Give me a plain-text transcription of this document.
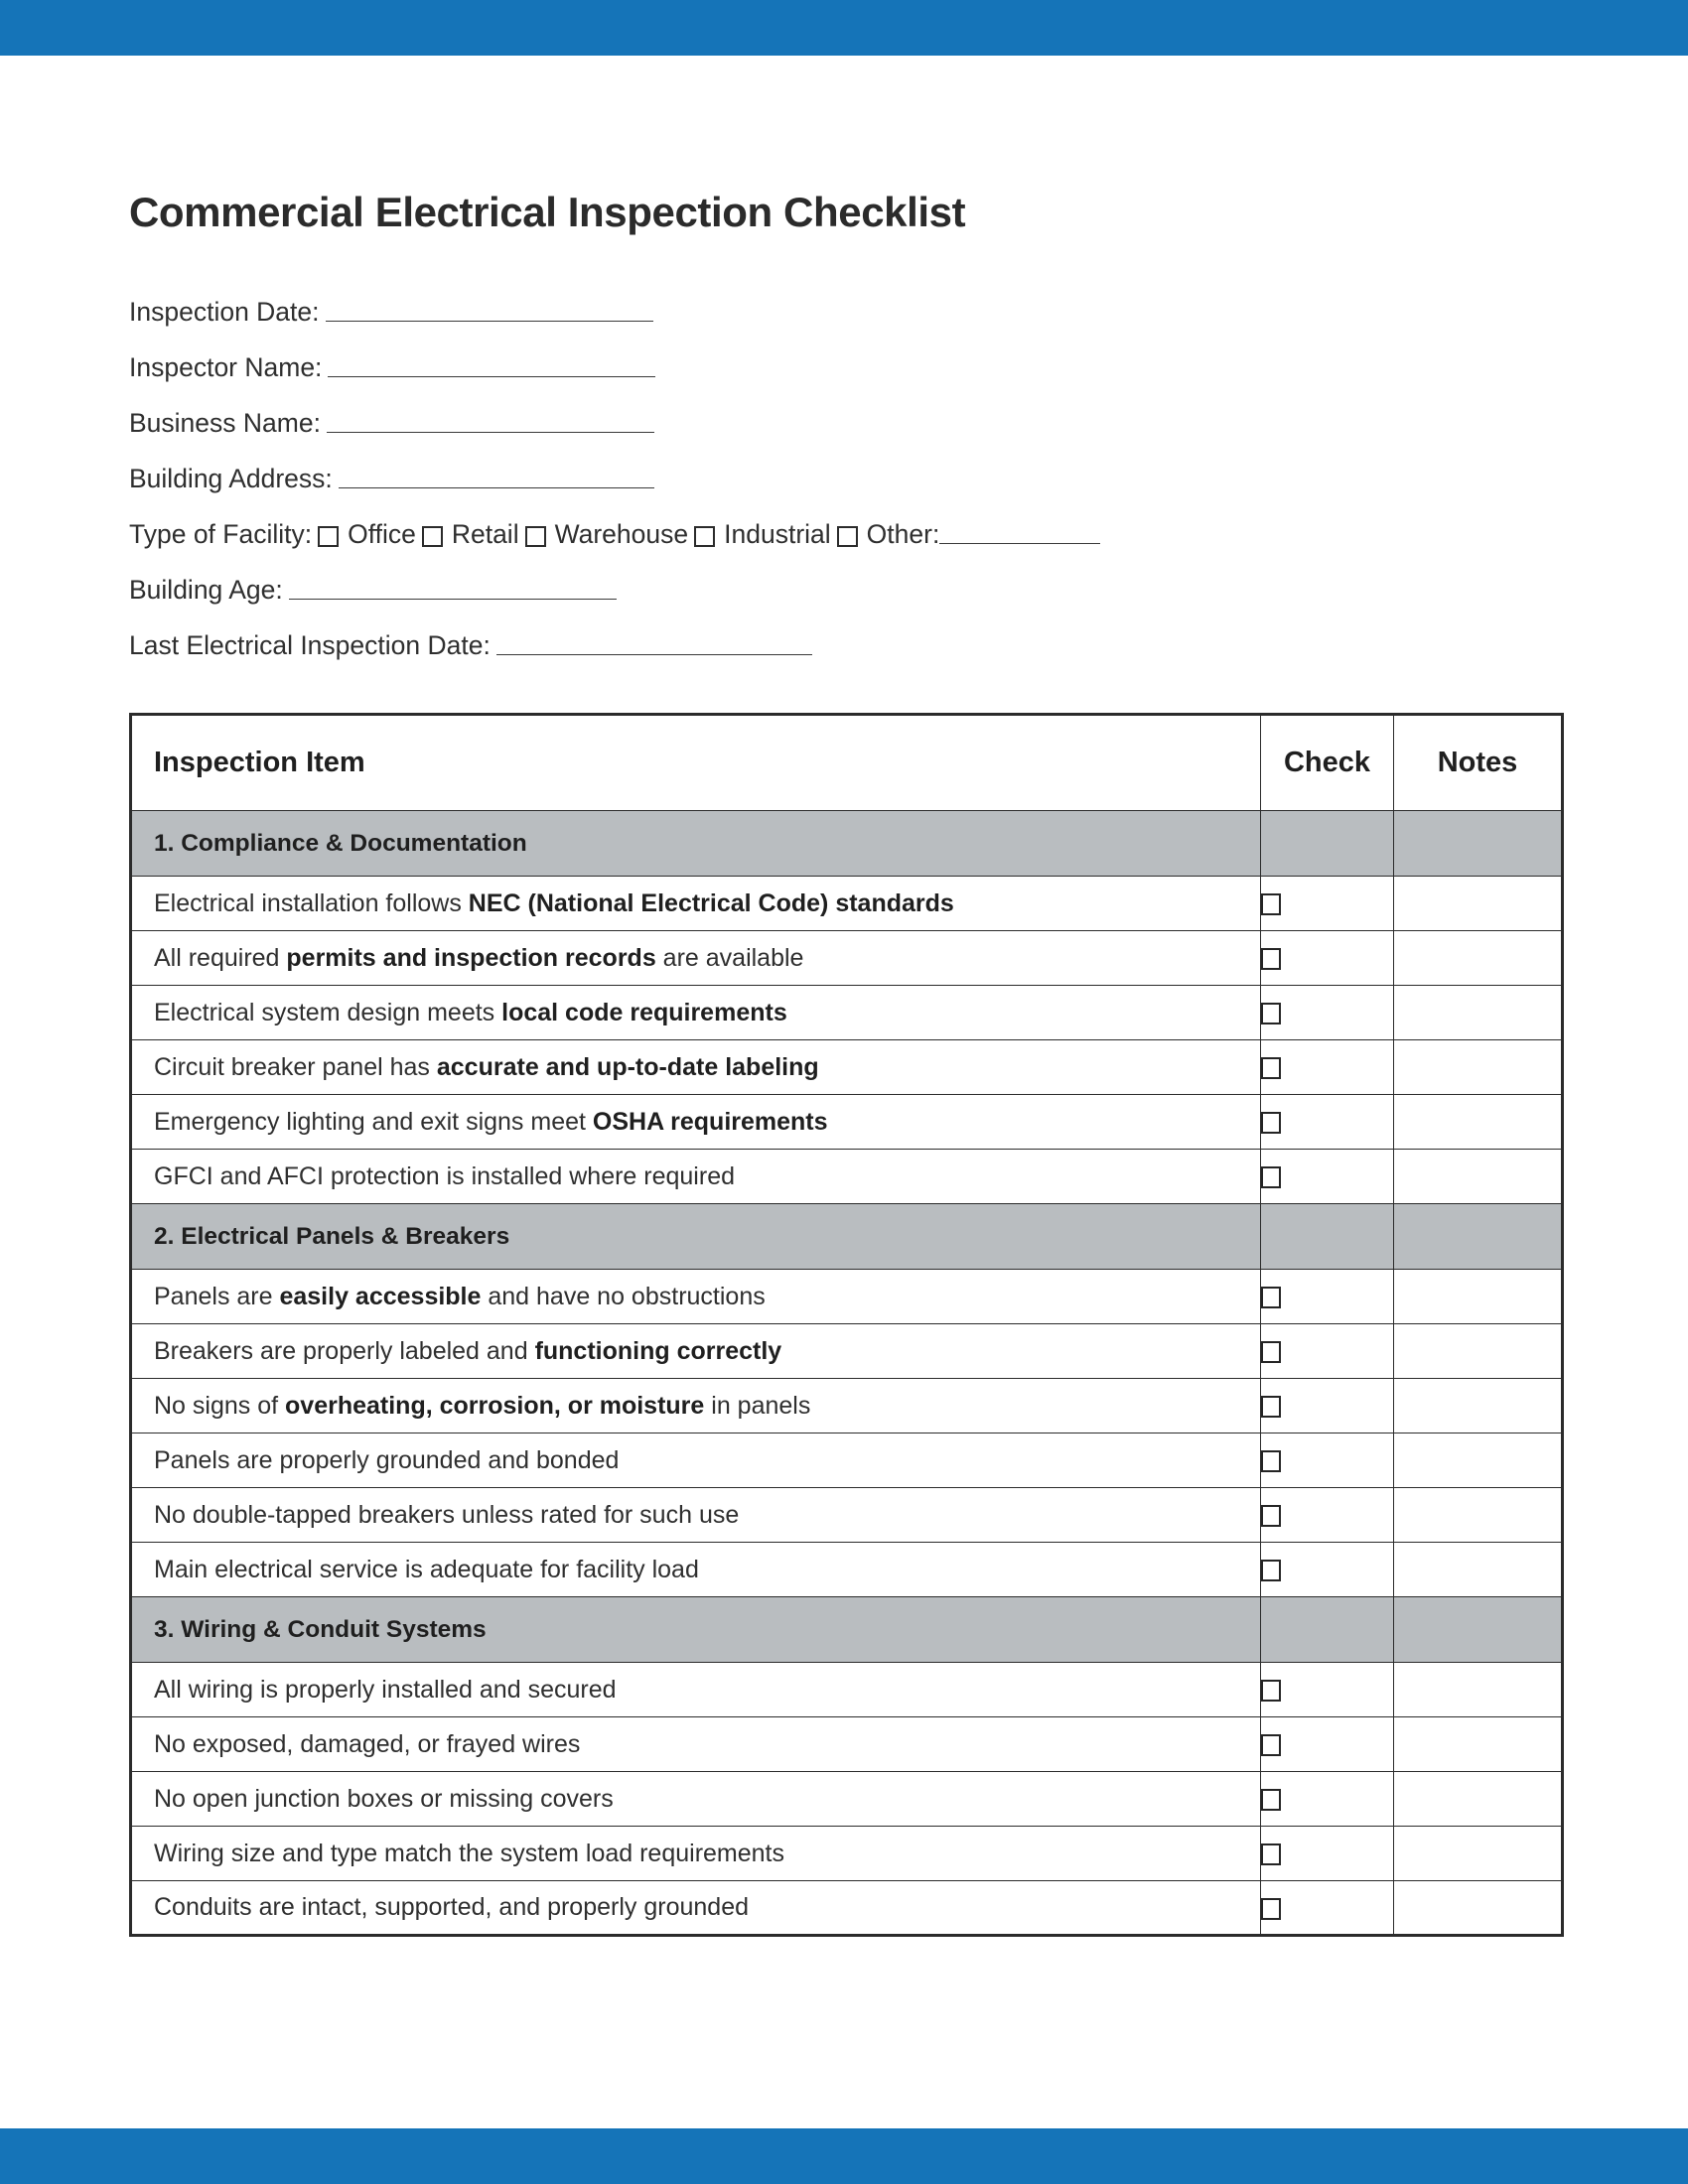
Commercial Electrical Inspection Checklist
Inspection Date:
Inspector Name:
Business Name:
Building Address:
Type of Facility: Office Retail Warehouse Industrial Other:
Building Age:
Last Electrical Inspection Date:
Inspection Item	Check	Notes
1. Compliance & Documentation		
Electrical installation follows NEC (National Electrical Code) standards		
All required permits and inspection records are available		
Electrical system design meets local code requirements		
Circuit breaker panel has accurate and up-to-date labeling		
Emergency lighting and exit signs meet OSHA requirements		
GFCI and AFCI protection is installed where required		
2. Electrical Panels & Breakers		
Panels are easily accessible and have no obstructions		
Breakers are properly labeled and functioning correctly		
No signs of overheating, corrosion, or moisture in panels		
Panels are properly grounded and bonded		
No double-tapped breakers unless rated for such use		
Main electrical service is adequate for facility load		
3. Wiring & Conduit Systems		
All wiring is properly installed and secured		
No exposed, damaged, or frayed wires		
No open junction boxes or missing covers		
Wiring size and type match the system load requirements		
Conduits are intact, supported, and properly grounded		
